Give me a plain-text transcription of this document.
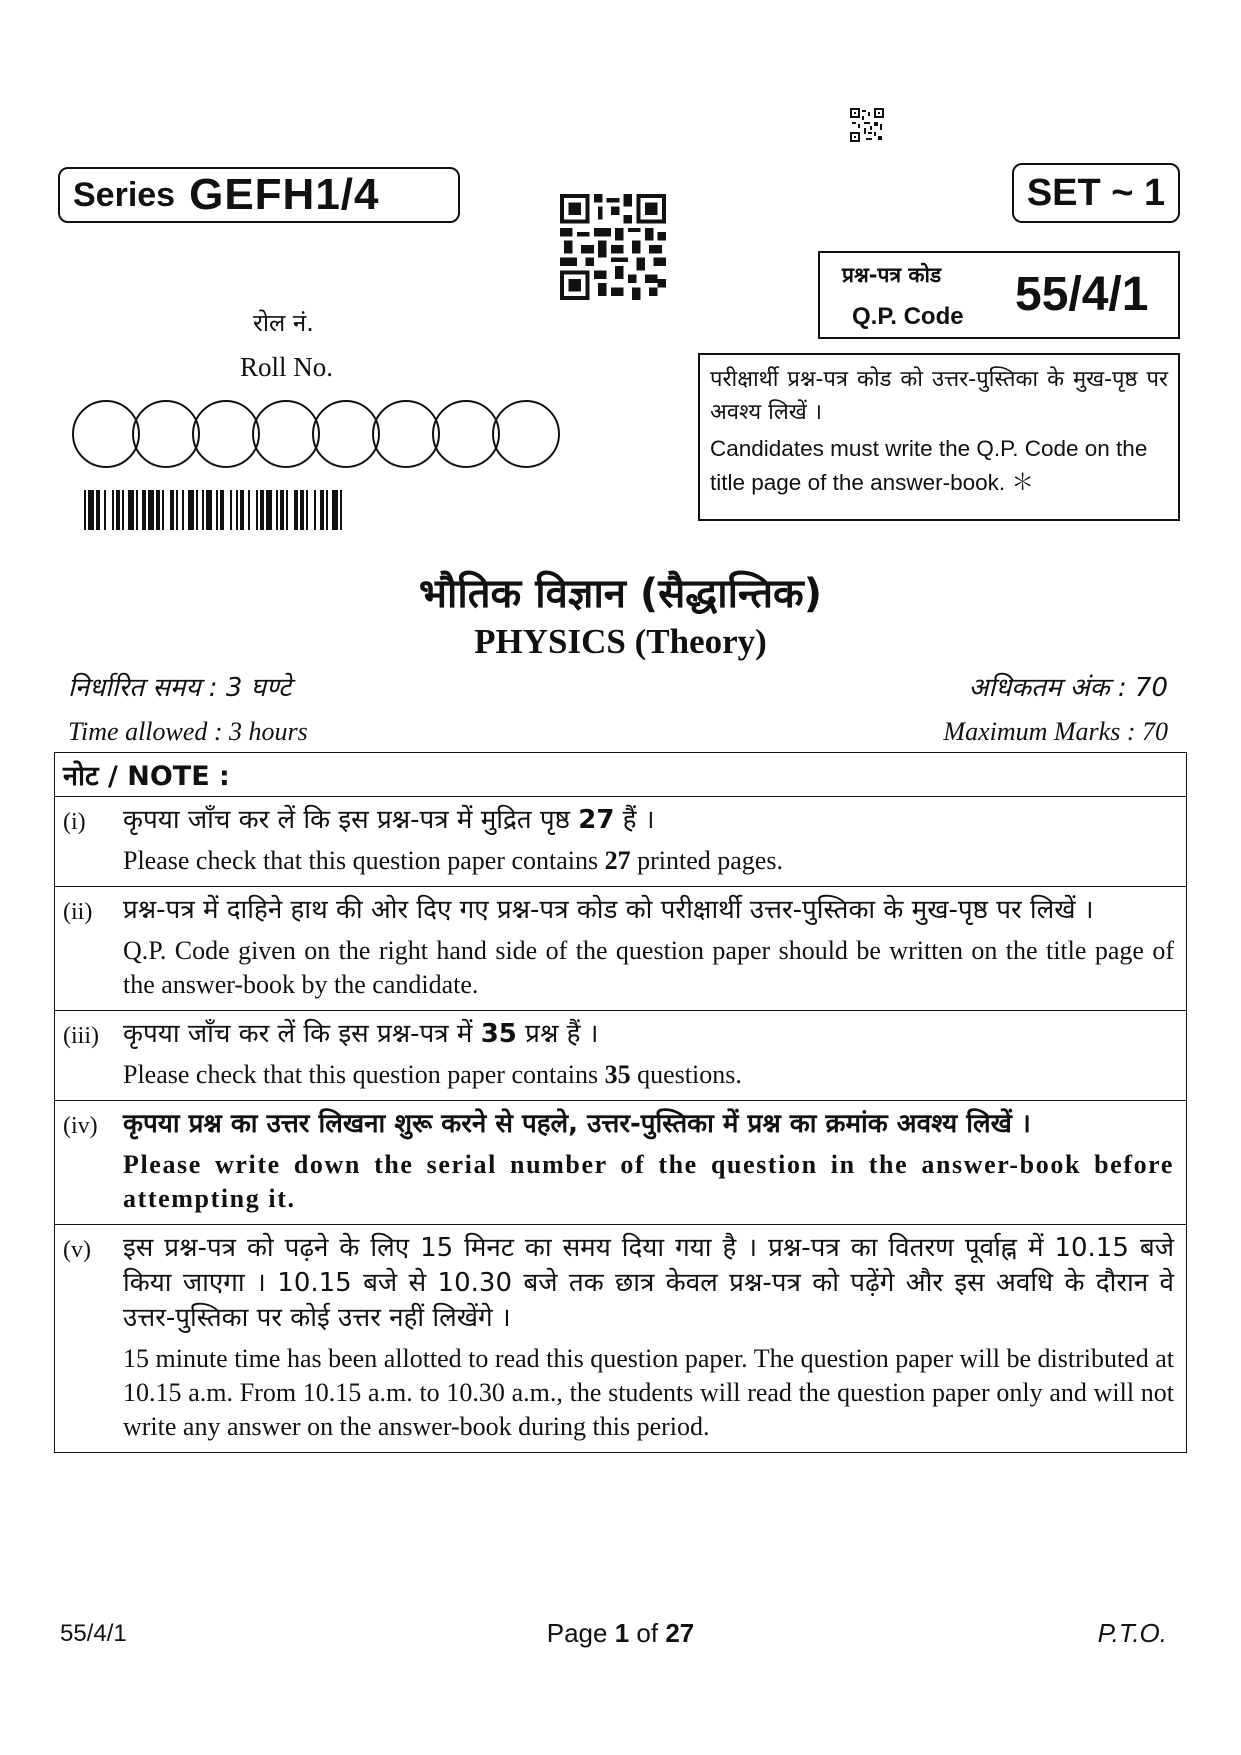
Series GEFH1/4	SET ~ 1
प्रश्न-पत्र कोड
Q.P. Code 55/4/1
रोल नं.
Roll No.	परीक्षार्थी प्रश्न-पत्र कोड को उत्तर-पुस्तिका के मुख-पृष्ठ पर अवश्य लिखें ।
Candidates must write the Q.P. Code on the title page of the answer-book. ＊
भौतिक विज्ञान (सैद्धान्तिक)
PHYSICS (Theory)
निर्धारित समय : 3 घण्टे	अधिकतम अंक : 70
Time allowed : 3 hours	Maximum Marks : 70
नोट / NOTE :
(i) कृपया जाँच कर लें कि इस प्रश्न-पत्र में मुद्रित पृष्ठ 27 हैं ।
Please check that this question paper contains 27 printed pages.
(ii) प्रश्न-पत्र में दाहिने हाथ की ओर दिए गए प्रश्न-पत्र कोड को परीक्षार्थी उत्तर-पुस्तिका के मुख-पृष्ठ पर लिखें ।
Q.P. Code given on the right hand side of the question paper should be written on the title page of the answer-book by the candidate.
(iii) कृपया जाँच कर लें कि इस प्रश्न-पत्र में 35 प्रश्न हैं ।
Please check that this question paper contains 35 questions.
(iv) कृपया प्रश्न का उत्तर लिखना शुरू करने से पहले, उत्तर-पुस्तिका में प्रश्न का क्रमांक अवश्य लिखें ।
Please write down the serial number of the question in the answer-book before attempting it.
(v) इस प्रश्न-पत्र को पढ़ने के लिए 15 मिनट का समय दिया गया है । प्रश्न-पत्र का वितरण पूर्वाह्न में 10.15 बजे किया जाएगा । 10.15 बजे से 10.30 बजे तक छात्र केवल प्रश्न-पत्र को पढ़ेंगे और इस अवधि के दौरान वे उत्तर-पुस्तिका पर कोई उत्तर नहीं लिखेंगे ।
15 minute time has been allotted to read this question paper. The question paper will be distributed at 10.15 a.m. From 10.15 a.m. to 10.30 a.m., the students will read the question paper only and will not write any answer on the answer-book during this period.
55/4/1	Page 1 of 27	P.T.O.
